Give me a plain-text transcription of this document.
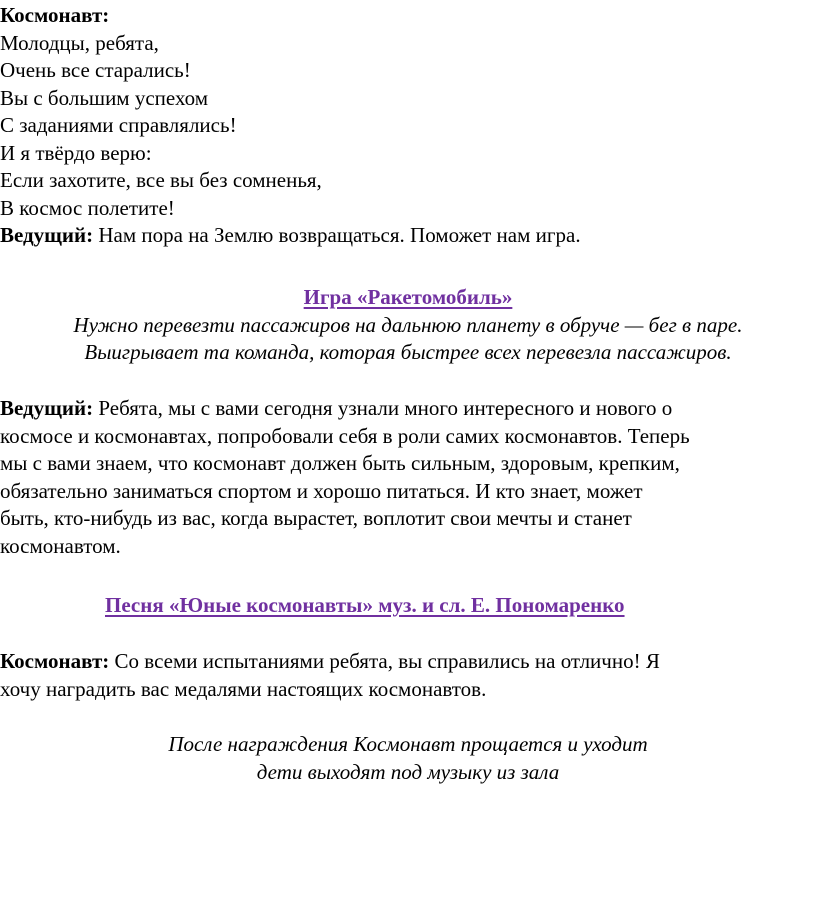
Космонавт:
Молодцы, ребята,
Очень все старались!
Вы с большим успехом
С заданиями справлялись!
И я твёрдо верю:
Если захотите, все вы без сомненья,
В космос полетите!
Ведущий: Нам пора на Землю возвращаться. Поможет нам игра.
Игра «Ракетомобиль»
Нужно перевезти пассажиров на дальнюю планету в обруче — бег в паре.
Выигрывает та команда, которая быстрее всех перевезла пассажиров.
Ведущий: Ребята, мы с вами сегодня узнали много интересного и нового о
космосе и космонавтах, попробовали себя в роли самих космонавтов. Теперь
мы с вами знаем, что космонавт должен быть сильным, здоровым, крепким,
обязательно заниматься спортом и хорошо питаться. И кто знает, может
быть, кто-нибудь из вас, когда вырастет, воплотит свои мечты и станет
космонавтом.
Песня «Юные космонавты» муз. и сл. Е. Пономаренко
Космонавт: Со всеми испытаниями ребята, вы справились на отлично! Я
хочу наградить вас медалями настоящих космонавтов.
После награждения Космонавт прощается и уходит
дети выходят под музыку из зала
